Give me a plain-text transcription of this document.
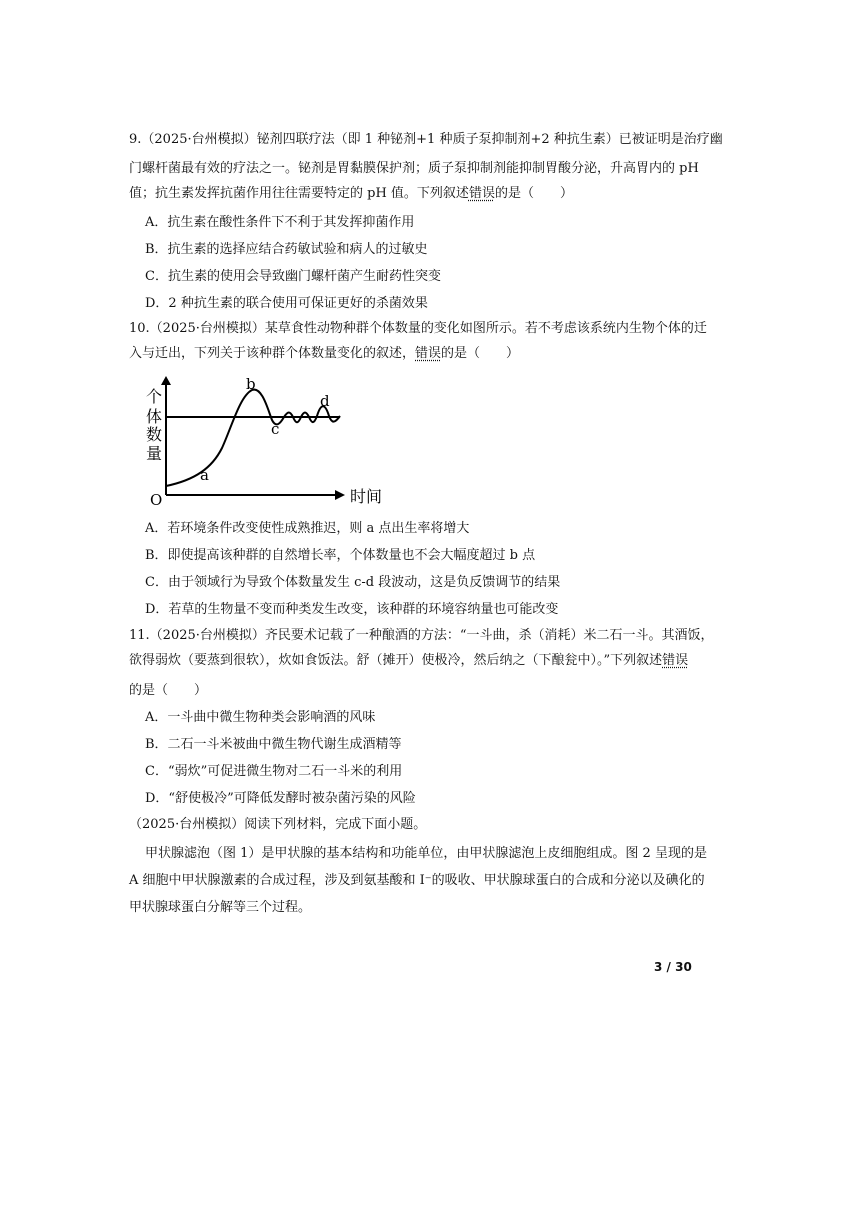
9.（2025·台州模拟）铋剂四联疗法（即 1 种铋剂+1 种质子泵抑制剂+2 种抗生素）已被证明是治疗幽
门螺杆菌最有效的疗法之一。铋剂是胃黏膜保护剂；质子泵抑制剂能抑制胃酸分泌，升高胃内的 pH
值；抗生素发挥抗菌作用往往需要特定的 pH 值。下列叙述错误的是（　　）
A．抗生素在酸性条件下不利于其发挥抑菌作用
B．抗生素的选择应结合药敏试验和病人的过敏史
C．抗生素的使用会导致幽门螺杆菌产生耐药性突变
D．2 种抗生素的联合使用可保证更好的杀菌效果
10.（2025·台州模拟）某草食性动物种群个体数量的变化如图所示。若不考虑该系统内生物个体的迁
入与迁出，下列关于该种群个体数量变化的叙述，错误的是（　　）
个
体
数
量
O	时间
a
b
c
d
A．若环境条件改变使性成熟推迟，则 a 点出生率将增大
B．即使提高该种群的自然增长率，个体数量也不会大幅度超过 b 点
C．由于领域行为导致个体数量发生 c-d 段波动，这是负反馈调节的结果
D．若草的生物量不变而种类发生改变，该种群的环境容纳量也可能改变
11.（2025·台州模拟）齐民要术记载了一种酿酒的方法：“一斗曲，杀（消耗）米二石一斗。其酒饭，
欲得弱炊（要蒸到很软），炊如食饭法。舒（摊开）使极冷，然后纳之（下酿瓮中）。”下列叙述错误
的是（　　）
A．一斗曲中微生物种类会影响酒的风味
B．二石一斗米被曲中微生物代谢生成酒精等
C．“弱炊”可促进微生物对二石一斗米的利用
D．“舒使极冷”可降低发酵时被杂菌污染的风险
（2025·台州模拟）阅读下列材料，完成下面小题。
甲状腺滤泡（图 1）是甲状腺的基本结构和功能单位，由甲状腺滤泡上皮细胞组成。图 2 呈现的是
A 细胞中甲状腺激素的合成过程，涉及到氨基酸和 I⁻的吸收、甲状腺球蛋白的合成和分泌以及碘化的
甲状腺球蛋白分解等三个过程。
3 / 30
